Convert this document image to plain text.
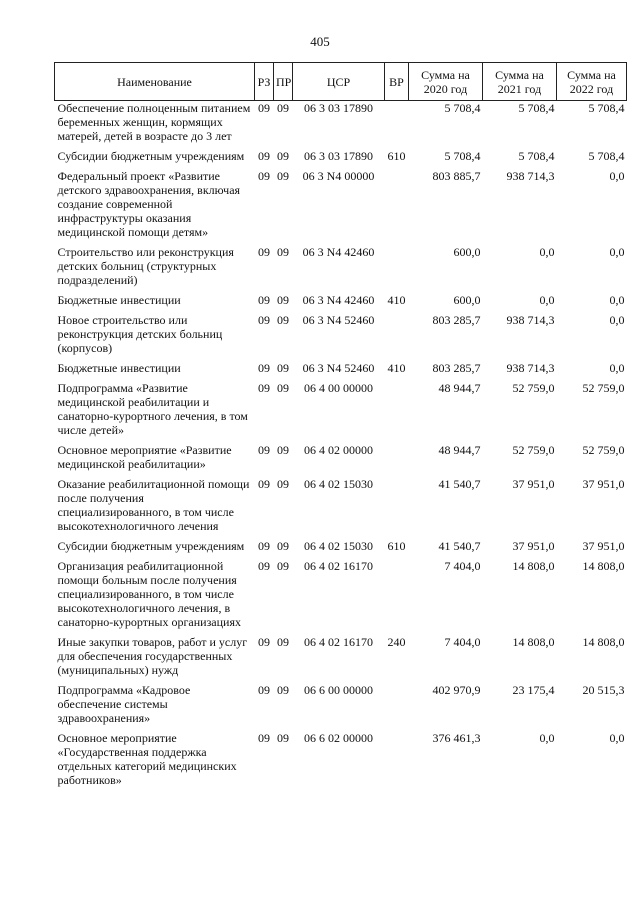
405
Наименование	РЗ	ПР	ЦСР	ВР	Сумма на 2020 год	Сумма на 2021 год	Сумма на 2022 год
Обеспечение полноценным питанием беременных женщин, кормящих матерей, детей в возрасте до 3 лет	09	09	06 3 03 17890		5 708,4	5 708,4	5 708,4
Субсидии бюджетным учреждениям	09	09	06 3 03 17890	610	5 708,4	5 708,4	5 708,4
Федеральный проект «Развитие детского здравоохранения, включая создание современной инфраструктуры оказания медицинской помощи детям»	09	09	06 3 N4 00000		803 885,7	938 714,3	0,0
Строительство или реконструкция детских больниц (структурных подразделений)	09	09	06 3 N4 42460		600,0	0,0	0,0
Бюджетные инвестиции	09	09	06 3 N4 42460	410	600,0	0,0	0,0
Новое строительство или реконструкция детских больниц (корпусов)	09	09	06 3 N4 52460		803 285,7	938 714,3	0,0
Бюджетные инвестиции	09	09	06 3 N4 52460	410	803 285,7	938 714,3	0,0
Подпрограмма «Развитие медицинской реабилитации и санаторно-курортного лечения, в том числе детей»	09	09	06 4 00 00000		48 944,7	52 759,0	52 759,0
Основное мероприятие «Развитие медицинской реабилитации»	09	09	06 4 02 00000		48 944,7	52 759,0	52 759,0
Оказание реабилитационной помощи после получения специализированного, в том числе высокотехнологичного лечения	09	09	06 4 02 15030		41 540,7	37 951,0	37 951,0
Субсидии бюджетным учреждениям	09	09	06 4 02 15030	610	41 540,7	37 951,0	37 951,0
Организация реабилитационной помощи больным после получения специализированного, в том числе высокотехнологичного лечения, в санаторно-курортных организациях	09	09	06 4 02 16170		7 404,0	14 808,0	14 808,0
Иные закупки товаров, работ и услуг для обеспечения государственных (муниципальных) нужд	09	09	06 4 02 16170	240	7 404,0	14 808,0	14 808,0
Подпрограмма «Кадровое обеспечение системы здравоохранения»	09	09	06 6 00 00000		402 970,9	23 175,4	20 515,3
Основное мероприятие «Государственная поддержка отдельных категорий медицинских работников»	09	09	06 6 02 00000		376 461,3	0,0	0,0
